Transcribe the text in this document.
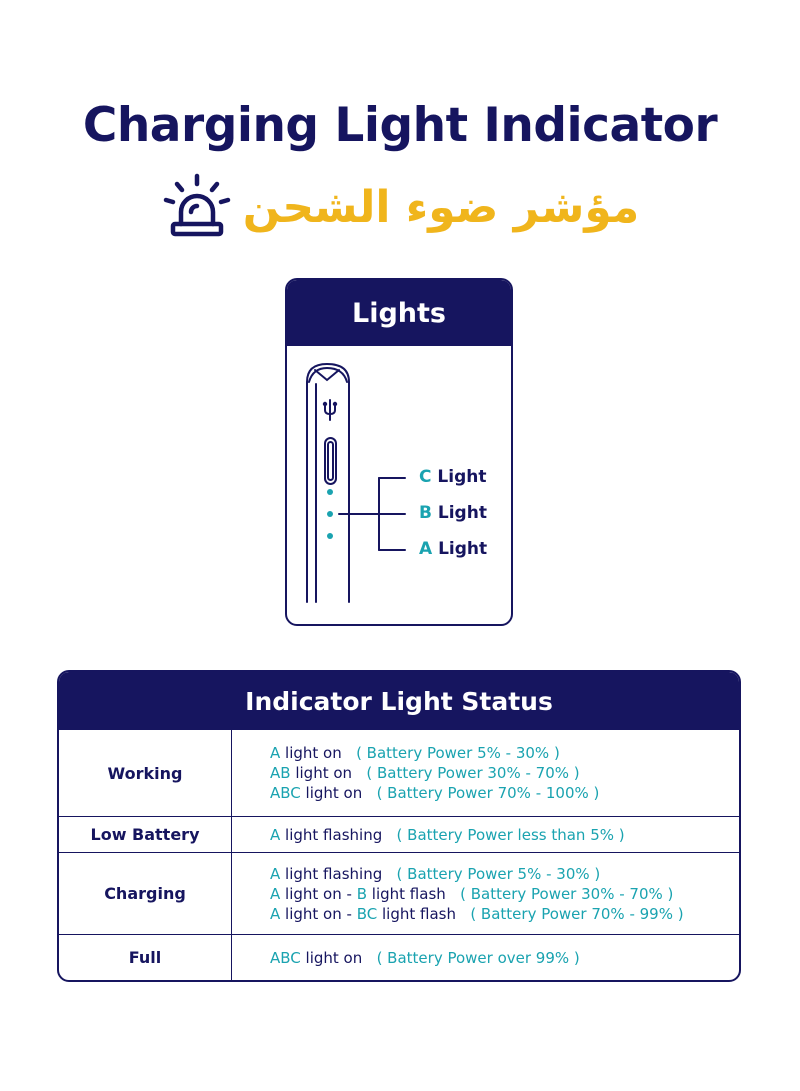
Charging Light Indicator
مؤشر ضوء الشحن
Lights
C Light
B Light
A Light
Indicator Light Status
Working
A light on ( Battery Power 5% - 30% )
AB light on ( Battery Power 30% - 70% )
ABC light on ( Battery Power 70% - 100% )
Low Battery	A light flashing ( Battery Power less than 5% )
Charging
A light flashing ( Battery Power 5% - 30% )
A light on - B light flash ( Battery Power 30% - 70% )
A light on - BC light flash ( Battery Power 70% - 99% )
Full	ABC light on ( Battery Power over 99% )
